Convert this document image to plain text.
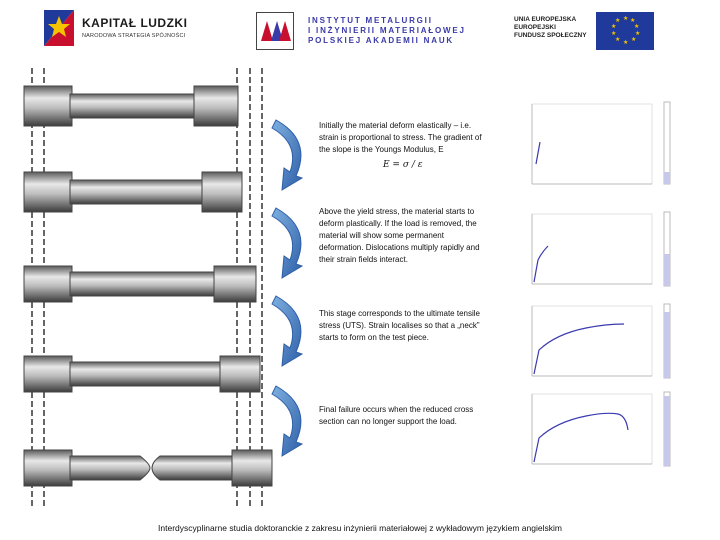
KAPITAŁ LUDZKI
NARODOWA STRATEGIA SPÓJNOŚCI
INSTYTUT METALURGII
I INŻYNIERII MATERIAŁOWEJ
POLSKIEJ AKADEMII NAUK
UNIA EUROPEJSKA
EUROPEJSKI
FUNDUSZ SPOŁECZNY
★ ★
★
★
★
★
★
★
★
★
Initially the material deform elastically – i.e. strain is proportional to stress. The gradient of the slope is the Youngs Modulus, E
E = σ / ε
Above the yield stress, the material starts to deform plastically. If the load is removed, the material will show some permanent deformation. Dislocations multiply rapidly and their strain fields interact.
This stage corresponds to the ultimate tensile stress (UTS). Strain localises so that a „neck” starts to form on the test piece.
Final failure occurs when the reduced cross section can no longer support the load.
Interdyscyplinarne studia doktoranckie z zakresu inżynierii materiałowej z wykładowym językiem angielskim
